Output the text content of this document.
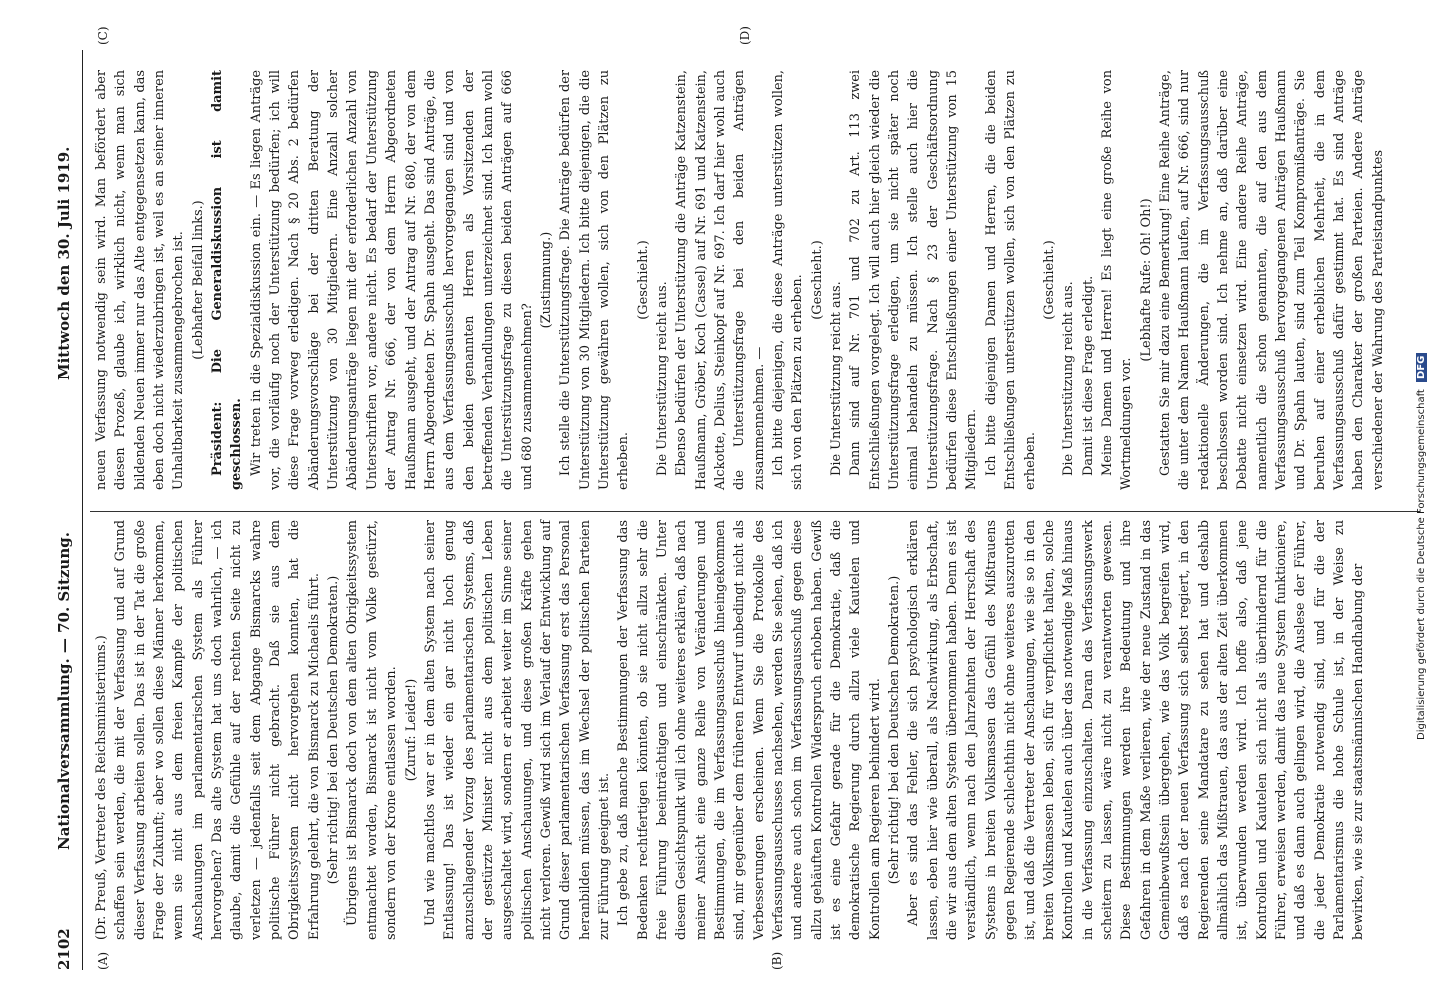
2102
Nationalversammlung. — 70. Sitzung.
Mittwoch den 30. Juli 1919.
(A)	(B)
(C)	(D)

(Dr. Preuß, Vertreter des Reichsministeriums.) schaffen sein werden, die mit der Verfassung und auf Grund dieser Verfassung arbeiten sollen. Das ist in der Tat die große Frage der Zukunft; aber wo sollen diese Männer herkommen, wenn sie nicht aus dem freien Kampfe der politischen Anschauungen im parlamentarischen System als Führer hervorgehen? Das alte System hat uns doch wahrlich, — ich glaube, damit die Gefühle auf der rechten Seite nicht zu verletzen — jedenfalls seit dem Abgange Bismarcks wahre politische Führer nicht gebracht. Daß sie aus dem Obrigkeitssystem nicht hervorgehen konnten, hat die Erfahrung gelehrt, die von Bismarck zu Michaelis führt. (Sehr richtig! bei den Deutschen Demokraten.) Übrigens ist Bismarck doch von dem alten Obrigkeitssystem entmachtet worden, Bismarck ist nicht vom Volke gestürzt, sondern von der Krone entlassen worden. (Zuruf: Leider!) Und wie machtlos war er in dem alten System nach seiner Entlassung! Das ist wieder ein gar nicht hoch genug anzuschlagender Vorzug des parlamentarischen Systems, daß der gestürzte Minister nicht aus dem politischen Leben ausgeschaltet wird, sondern er arbeitet weiter im Sinne seiner politischen Anschauungen, und diese großen Kräfte gehen nicht verloren. Gewiß wird sich im Verlauf der Entwicklung auf Grund dieser parlamentarischen Verfassung erst das Personal heranbilden müssen, das im Wechsel der politischen Parteien zur Führung geeignet ist. Ich gebe zu, daß manche Bestimmungen der Verfassung das Bedenken rechtfertigen könnten, ob sie nicht allzu sehr die freie Führung beeinträchtigen und einschränkten. Unter diesem Gesichtspunkt will ich ohne weiteres erklären, daß nach meiner Ansicht eine ganze Reihe von Veränderungen und Bestimmungen, die im Verfassungsausschuß hineingekommen sind, mir gegenüber dem früheren Entwurf unbedingt nicht als Verbesserungen erscheinen. Wenn Sie die Protokolle des Verfassungsausschusses nachsehen, werden Sie sehen, daß ich und andere auch schon im Verfassungsausschuß gegen diese allzu gehäuften Kontrollen Widerspruch erhoben haben. Gewiß ist es eine Gefahr gerade für die Demokratie, daß die demokratische Regierung durch allzu viele Kautelen und Kontrollen am Regieren behindert wird. (Sehr richtig! bei den Deutschen Demokraten.) Aber es sind das Fehler, die sich psychologisch erklären lassen, eben hier wie überall, als Nachwirkung, als Erbschaft, die wir aus dem alten System übernommen haben. Denn es ist verständlich, wenn nach den Jahrzehnten der Herrschaft des Systems in breiten Volksmassen das Gefühl des Mißtrauens gegen Regierende schlechthin nicht ohne weiteres auszurotten ist, und daß die Vertreter der Anschauungen, wie sie so in den breiten Volksmassen leben, sich für verpflichtet halten, solche Kontrollen und Kautelen auch über das notwendige Maß hinaus in die Verfassung einzuschalten. Daran das Verfassungswerk scheitern zu lassen, wäre nicht zu verantworten gewesen. Diese Bestimmungen werden ihre Bedeutung und ihre Gefahren in dem Maße verlieren, wie der neue Zustand in das Gemeinbewußtsein übergehen, wie das Volk begreifen wird, daß es nach der neuen Verfassung sich selbst regiert, in den Regierenden seine Mandatare zu sehen hat und deshalb allmählich das Mißtrauen, das aus der alten Zeit überkommen ist, überwunden werden wird. Ich hoffe also, daß jene Kontrollen und Kautelen sich nicht als überhindernd für die Führer, erweisen werden, damit das neue System funktioniere, und daß es dann auch gelingen wird, die Auslese der Führer, die jeder Demokratie notwendig sind, und für die der Parlamentarismus die hohe Schule ist, in der Weise zu bewirken, wie sie zur staatsmännischen Handhabung der

neuen Verfassung notwendig sein wird. Man befördert aber diesen Prozeß, glaube ich, wirklich nicht, wenn man sich bildenden Neuen immer nur das Alte entgegensetzen kann, das eben doch nicht wiederzubringen ist, weil es an seiner inneren Unhaltbarkeit zusammengebrochen ist. (Lebhafter Beifall links.) Präsident: Die Generaldiskussion ist damit geschlossen. Wir treten in die Spezialdiskussion ein. — Es liegen Anträge vor, die vorläufig noch der Unterstützung bedürfen; ich will diese Frage vorweg erledigen. Nach § 20 Abs. 2 bedürfen Abänderungsvorschläge bei der dritten Beratung der Unterstützung von 30 Mitgliedern. Eine Anzahl solcher Abänderungsanträge liegen mit der erforderlichen Anzahl von Unterschriften vor, andere nicht. Es bedarf der Unterstützung der Antrag Nr. 666, der von dem Herrn Abgeordneten Haußmann ausgeht, und der Antrag auf Nr. 680, der von dem Herrn Abgeordneten Dr. Spahn ausgeht. Das sind Anträge, die aus dem Verfassungsausschuß hervorgegangen sind und von den beiden genannten Herren als Vorsitzenden der betreffenden Verhandlungen unterzeichnet sind. Ich kann wohl die Unterstützungsfrage zu diesen beiden Anträgen auf 666 und 680 zusammennehmen?

(Zustimmung.) Ich stelle die Unterstützungsfrage. Die Anträge bedürfen der Unterstützung von 30 Mitgliedern. Ich bitte diejenigen, die die Unterstützung gewähren wollen, sich von den Plätzen zu erheben.

(Geschieht.)

Die Unterstützung reicht aus. Ebenso bedürfen der Unterstützung die Anträge Katzenstein, Haußmann, Gröber, Koch (Cassel) auf Nr. 691 und Katzenstein, Alckotte, Delius, Steinkopf auf Nr. 697. Ich darf hier wohl auch die Unterstützungsfrage bei den beiden Anträgen zusammennehmen. — Ich bitte diejenigen, die diese Anträge unterstützen wollen, sich von den Plätzen zu erheben. (Geschieht.)

Die Unterstützung reicht aus. Dann sind auf Nr. 701 und 702 zu Art. 113 zwei Entschließungen vorgelegt. Ich will auch hier gleich wieder die Unterstützungsfrage erledigen, um sie nicht später noch einmal behandeln zu müssen. Ich stelle auch hier die Unterstützungsfrage. Nach § 23 der Geschäftsordnung bedürfen diese Entschließungen einer Unterstützung von 15 Mitgliedern. Ich bitte diejenigen Damen und Herren, die die beiden Entschließungen unterstützen wollen, sich von den Plätzen zu erheben.

(Geschieht.)

Die Unterstützung reicht aus. Damit ist diese Frage erledigt. Meine Damen und Herren! Es liegt eine große Reihe von Wortmeldungen vor.

(Lebhafte Rufe: Oh! Oh!) Gestatten Sie mir dazu eine Bemerkung! Eine Reihe Anträge, die unter dem Namen Haußmann laufen, auf Nr. 666, sind nur redaktionelle Änderungen, die im Verfassungsausschuß beschlossen worden sind. Ich nehme an, daß darüber eine Debatte nicht einsetzen wird. Eine andere Reihe Anträge, namentlich die schon genannten, die auf den aus dem Verfassungsausschuß hervorgegangenen Anträgen Haußmann und Dr. Spahn lauten, sind zum Teil Kompromißanträge. Sie beruhen auf einer erheblichen Mehrheit, die in dem Verfassungsausschuß dafür gestimmt hat. Es sind Anträge haben den Charakter der großen Parteien. Andere Anträge verschiedener der Wahrung des Parteistandpunktes

Digitalisierung gefördert durch die Deutsche Forschungsgemeinschaft DFG
